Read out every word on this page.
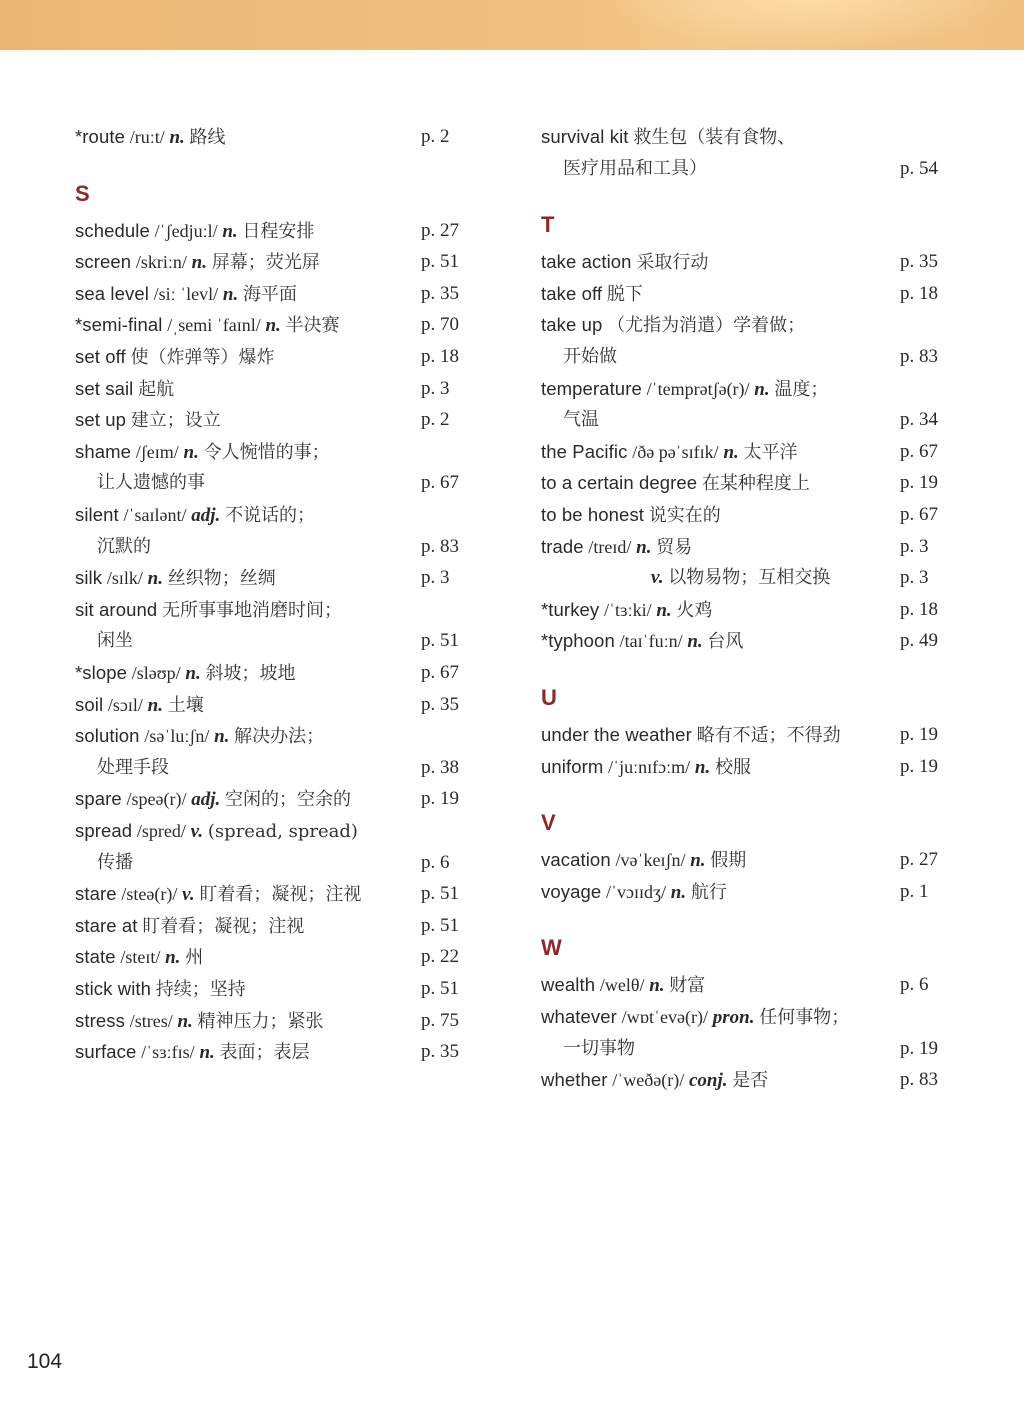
*route /ruːt/ n. 路线	p. 2
S
schedule /ˈʃedjuːl/ n. 日程安排	p. 27
screen /skriːn/ n. 屏幕；荧光屏	p. 51
sea level /siː ˈlevl/ n. 海平面	p. 35
*semi-final /ˌsemi ˈfaɪnl/ n. 半决赛	p. 70
set off 使（炸弹等）爆炸	p. 18
set sail 起航	p. 3
set up 建立；设立	p. 2
shame /ʃeɪm/ n. 令人惋惜的事；
让人遗憾的事	p. 67
silent /ˈsaɪlənt/ adj. 不说话的；
沉默的	p. 83
silk /sɪlk/ n. 丝织物；丝绸	p. 3
sit around 无所事事地消磨时间；
闲坐	p. 51
*slope /sləʊp/ n. 斜坡；坡地	p. 67
soil /sɔɪl/ n. 土壤	p. 35
solution /səˈluːʃn/ n. 解决办法；
处理手段	p. 38
spare /speə(r)/ adj. 空闲的；空余的	p. 19
spread /spred/ v. (spread, spread)
传播	p. 6
stare /steə(r)/ v. 盯着看；凝视；注视	p. 51
stare at 盯着看；凝视；注视	p. 51
state /steɪt/ n. 州	p. 22
stick with 持续；坚持	p. 51
stress /stres/ n. 精神压力；紧张	p. 75
surface /ˈsɜːfɪs/ n. 表面；表层	p. 35
survival kit 救生包（装有食物、
医疗用品和工具）	p. 54
T
take action 采取行动	p. 35
take off 脱下	p. 18
take up （尤指为消遣）学着做；
开始做	p. 83
temperature /ˈtemprətʃə(r)/ n. 温度；
气温	p. 34
the Pacific /ðə pəˈsɪfɪk/ n. 太平洋	p. 67
to a certain degree 在某种程度上	p. 19
to be honest 说实在的	p. 67
trade /treɪd/ n. 贸易	p. 3
v. 以物易物；互相交换	p. 3
*turkey /ˈtɜːki/ n. 火鸡	p. 18
*typhoon /taɪˈfuːn/ n. 台风	p. 49
U
under the weather 略有不适；不得劲	p. 19
uniform /ˈjuːnɪfɔːm/ n. 校服	p. 19
V
vacation /vəˈkeɪʃn/ n. 假期	p. 27
voyage /ˈvɔɪɪdʒ/ n. 航行	p. 1
W
wealth /welθ/ n. 财富	p. 6
whatever /wɒtˈevə(r)/ pron. 任何事物；
一切事物	p. 19
whether /ˈweðə(r)/ conj. 是否	p. 83
104
